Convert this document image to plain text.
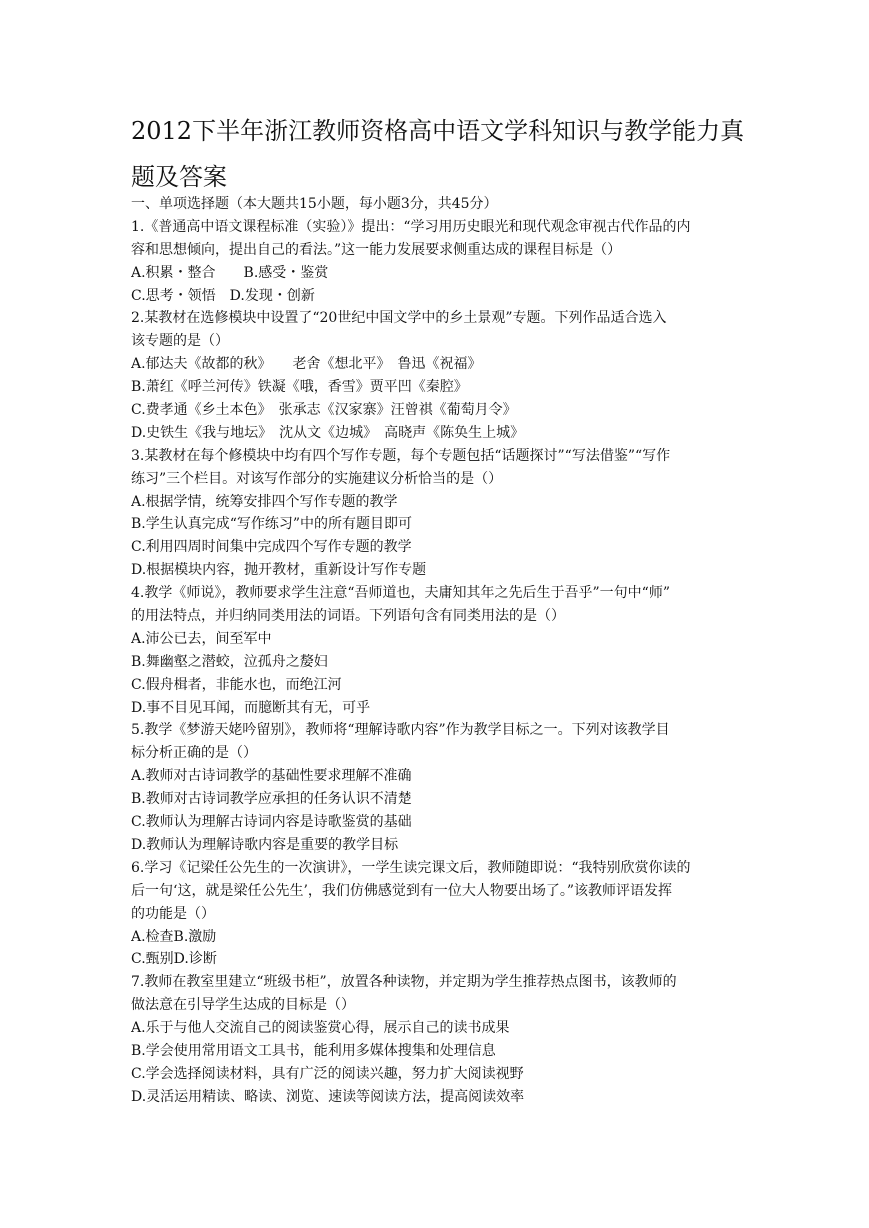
2012下半年浙江教师资格高中语文学科知识与教学能力真
题及答案
一、单项选择题（本大题共15小题，每小题3分，共45分）
1.《普通高中语文课程标准（实验）》提出：“学习用历史眼光和现代观念审视古代作品的内
容和思想倾向，提出自己的看法。”这一能力发展要求侧重达成的课程目标是（）
A.积累・整合　　B.感受・鉴赏
C.思考・领悟　D.发现・创新
2.某教材在选修模块中设置了“20世纪中国文学中的乡土景观”专题。下列作品适合选入
该专题的是（）
A.郁达夫《故都的秋》　　老舍《想北平》　鲁迅《祝福》
B.萧红《呼兰河传》铁凝《哦，香雪》贾平凹《秦腔》
C.费孝通《乡土本色》　张承志《汉家寨》汪曾祺《葡萄月令》
D.史铁生《我与地坛》　沈从文《边城》　高晓声《陈奂生上城》
3.某教材在每个修模块中均有四个写作专题，每个专题包括“话题探讨”“写法借鉴”“写作
练习”三个栏目。对该写作部分的实施建议分析恰当的是（）
A.根据学情，统筹安排四个写作专题的教学
B.学生认真完成“写作练习”中的所有题目即可
C.利用四周时间集中完成四个写作专题的教学
D.根据模块内容，抛开教材，重新设计写作专题
4.教学《师说》，教师要求学生注意“吾师道也，夫庸知其年之先后生于吾乎”一句中“师”
的用法特点，并归纳同类用法的词语。下列语句含有同类用法的是（）
A.沛公已去，间至军中
B.舞幽壑之潜蛟，泣孤舟之嫠妇
C.假舟楫者，非能水也，而绝江河
D.事不目见耳闻，而臆断其有无，可乎
5.教学《梦游天姥吟留别》，教师将“理解诗歌内容”作为教学目标之一。下列对该教学目
标分析正确的是（）
A.教师对古诗词教学的基础性要求理解不准确
B.教师对古诗词教学应承担的任务认识不清楚
C.教师认为理解古诗词内容是诗歌鉴赏的基础
D.教师认为理解诗歌内容是重要的教学目标
6.学习《记梁任公先生的一次演讲》，一学生读完课文后，教师随即说：“我特别欣赏你读的
后一句‘这，就是梁任公先生’，我们仿佛感觉到有一位大人物要出场了。”该教师评语发挥
的功能是（）
A.检查B.激励
C.甄别D.诊断
7.教师在教室里建立“班级书柜”，放置各种读物，并定期为学生推荐热点图书，该教师的
做法意在引导学生达成的目标是（）
A.乐于与他人交流自己的阅读鉴赏心得，展示自己的读书成果
B.学会使用常用语文工具书，能利用多媒体搜集和处理信息
C.学会选择阅读材料，具有广泛的阅读兴趣，努力扩大阅读视野
D.灵活运用精读、略读、浏览、速读等阅读方法，提高阅读效率
